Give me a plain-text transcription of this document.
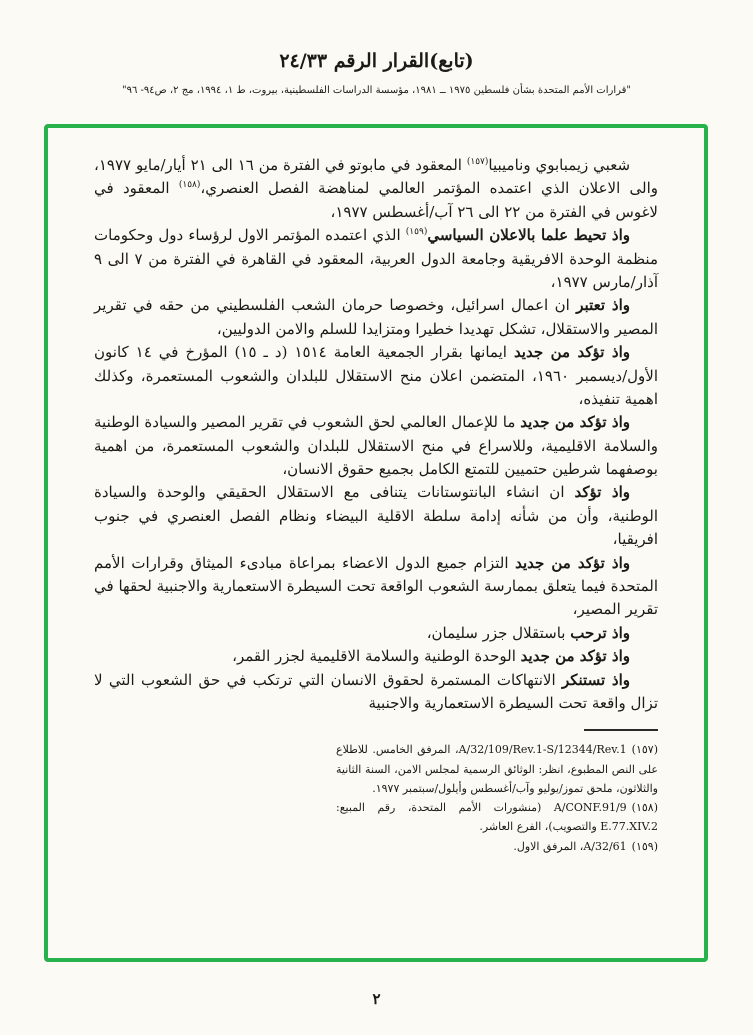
(تابع)القرار الرقم ٢٤/٣٣
"قرارات الأمم المتحدة بشأن فلسطين ١٩٧٥ ــ ١٩٨١، مؤسسة الدراسات الفلسطينية، بيروت، ط ١، ١٩٩٤، مج ٢، ص٩٤- ٩٦"

شعبي زيمبابوي وناميبيا$^{(١٥٧)}$ المعقود في مابوتو في الفترة من ١٦ الى ٢١ أيار/مايو ١٩٧٧، والى الاعلان الذي اعتمده المؤتمر العالمي لمناهضة الفصل العنصري،$^{(١٥٨)}$ المعقود في لاغوس في الفترة من ٢٢ الى ٢٦ آب/أغسطس ١٩٧٧،

واذ تحيط علما بالاعلان السياسي$^{(١٥٩)}$ الذي اعتمده المؤتمر الاول لرؤساء دول وحكومات منظمة الوحدة الافريقية وجامعة الدول العربية، المعقود في القاهرة في الفترة من ٧ الى ٩ آذار/مارس ١٩٧٧،

واذ تعتبر ان اعمال اسرائيل، وخصوصا حرمان الشعب الفلسطيني من حقه في تقرير المصير والاستقلال، تشكل تهديدا خطيرا ومتزايدا للسلم والامن الدوليين،

واذ تؤكد من جديد ايمانها بقرار الجمعية العامة ١٥١٤ (د ـ ١٥) المؤرخ في ١٤ كانون الأول/ديسمبر ١٩٦٠، المتضمن اعلان منح الاستقلال للبلدان والشعوب المستعمرة، وكذلك اهمية تنفيذه،

واذ تؤكد من جديد ما للإعمال العالمي لحق الشعوب في تقرير المصير والسيادة الوطنية والسلامة الاقليمية، وللاسراع في منح الاستقلال للبلدان والشعوب المستعمرة، من اهمية بوصفهما شرطين حتميين للتمتع الكامل بجميع حقوق الانسان،

واذ تؤكد ان انشاء البانتوستانات يتنافى مع الاستقلال الحقيقي والوحدة والسيادة الوطنية، وأن من شأنه إدامة سلطة الاقلية البيضاء ونظام الفصل العنصري في جنوب افريقيا،

واذ تؤكد من جديد التزام جميع الدول الاعضاء بمراعاة مبادىء الميثاق وقرارات الأمم المتحدة فيما يتعلق بممارسة الشعوب الواقعة تحت السيطرة الاستعمارية والاجنبية لحقها في تقرير المصير،

واذ ترحب باستقلال جزر سليمان،

واذ تؤكد من جديد الوحدة الوطنية والسلامة الاقليمية لجزر القمر،

واذ تستنكر الانتهاكات المستمرة لحقوق الانسان التي ترتكب في حق الشعوب التي لا تزال واقعة تحت السيطرة الاستعمارية والاجنبية

(١٥٧)A/32/109/Rev.1-S/12344/Rev.1، المرفق الخامس. للاطلاع على النص المطبوع، انظر: الوثائق الرسمية لمجلس الامن، السنة الثانية والثلاثون، ملحق تموز/يوليو وآب/أغسطس وأيلول/سبتمبر ١٩٧٧.
(١٥٨)A/CONF.91/9 (منشورات الأمم المتحدة، رقم المبيع: E.77.XIV.2 والتصويب)، الفرع العاشر.
(١٥٩)A/32/61، المرفق الاول.
٢
